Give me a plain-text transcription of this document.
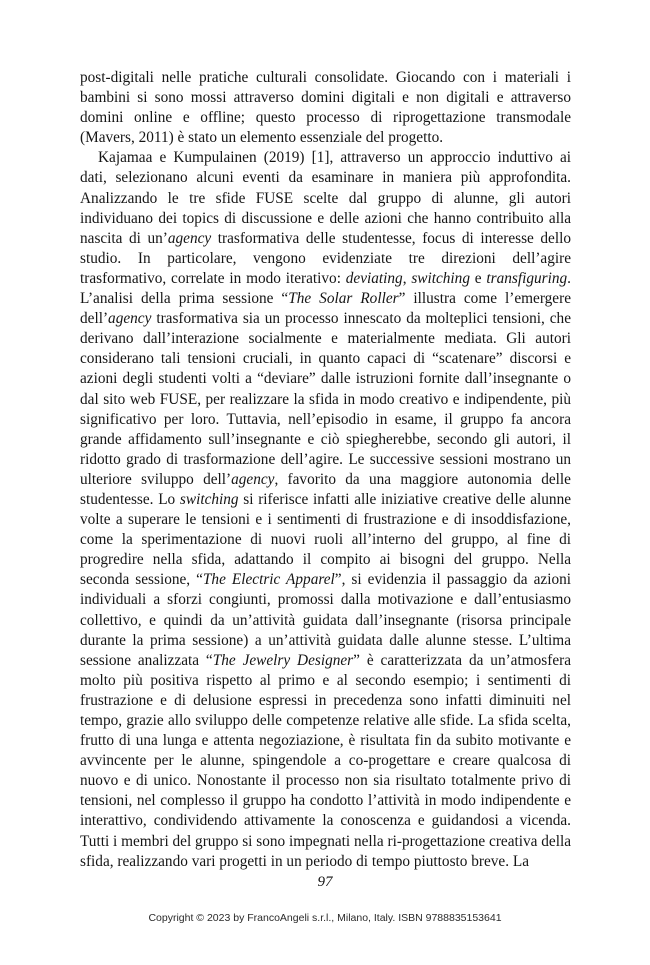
post-digitali nelle pratiche culturali consolidate. Giocando con i materiali i bambini si sono mossi attraverso domini digitali e non digitali e attraverso domini online e offline; questo processo di riprogettazione transmodale (Mavers, 2011) è stato un elemento essenziale del progetto.

Kajamaa e Kumpulainen (2019) [1], attraverso un approccio induttivo ai dati, selezionano alcuni eventi da esaminare in maniera più approfondita. Analizzando le tre sfide FUSE scelte dal gruppo di alunne, gli autori individuano dei topics di discussione e delle azioni che hanno contribuito alla nascita di un’agency trasformativa delle studentesse, focus di interesse dello studio. In particolare, vengono evidenziate tre direzioni dell’agire trasformativo, correlate in modo iterativo: deviating, switching e transfiguring. L’analisi della prima sessione “The Solar Roller” illustra come l’emergere dell’agency trasformativa sia un processo innescato da molteplici tensioni, che derivano dall’interazione socialmente e materialmente mediata. Gli autori considerano tali tensioni cruciali, in quanto capaci di “scatenare” discorsi e azioni degli studenti volti a “deviare” dalle istruzioni fornite dall’insegnante o dal sito web FUSE, per realizzare la sfida in modo creativo e indipendente, più significativo per loro. Tuttavia, nell’episodio in esame, il gruppo fa ancora grande affidamento sull’insegnante e ciò spiegherebbe, secondo gli autori, il ridotto grado di trasformazione dell’agire. Le successive sessioni mostrano un ulteriore sviluppo dell’agency, favorito da una maggiore autonomia delle studentesse. Lo switching si riferisce infatti alle iniziative creative delle alunne volte a superare le tensioni e i sentimenti di frustrazione e di insoddisfazione, come la sperimentazione di nuovi ruoli all’interno del gruppo, al fine di progredire nella sfida, adattando il compito ai bisogni del gruppo. Nella seconda sessione, “The Electric Apparel”, si evidenzia il passaggio da azioni individuali a sforzi congiunti, promossi dalla motivazione e dall’entusiasmo collettivo, e quindi da un’attività guidata dall’insegnante (risorsa principale durante la prima sessione) a un’attività guidata dalle alunne stesse. L’ultima sessione analizzata “The Jewelry Designer” è caratterizzata da un’atmosfera molto più positiva rispetto al primo e al secondo esempio; i sentimenti di frustrazione e di delusione espressi in precedenza sono infatti diminuiti nel tempo, grazie allo sviluppo delle competenze relative alle sfide. La sfida scelta, frutto di una lunga e attenta negoziazione, è risultata fin da subito motivante e avvincente per le alunne, spingendole a co-progettare e creare qualcosa di nuovo e di unico. Nonostante il processo non sia risultato totalmente privo di tensioni, nel complesso il gruppo ha condotto l’attività in modo indipendente e interattivo, condividendo attivamente la conoscenza e guidandosi a vicenda. Tutti i membri del gruppo si sono impegnati nella ri-progettazione creativa della sfida, realizzando vari progetti in un periodo di tempo piuttosto breve. La

97
Copyright © 2023 by FrancoAngeli s.r.l., Milano, Italy. ISBN 9788835153641
